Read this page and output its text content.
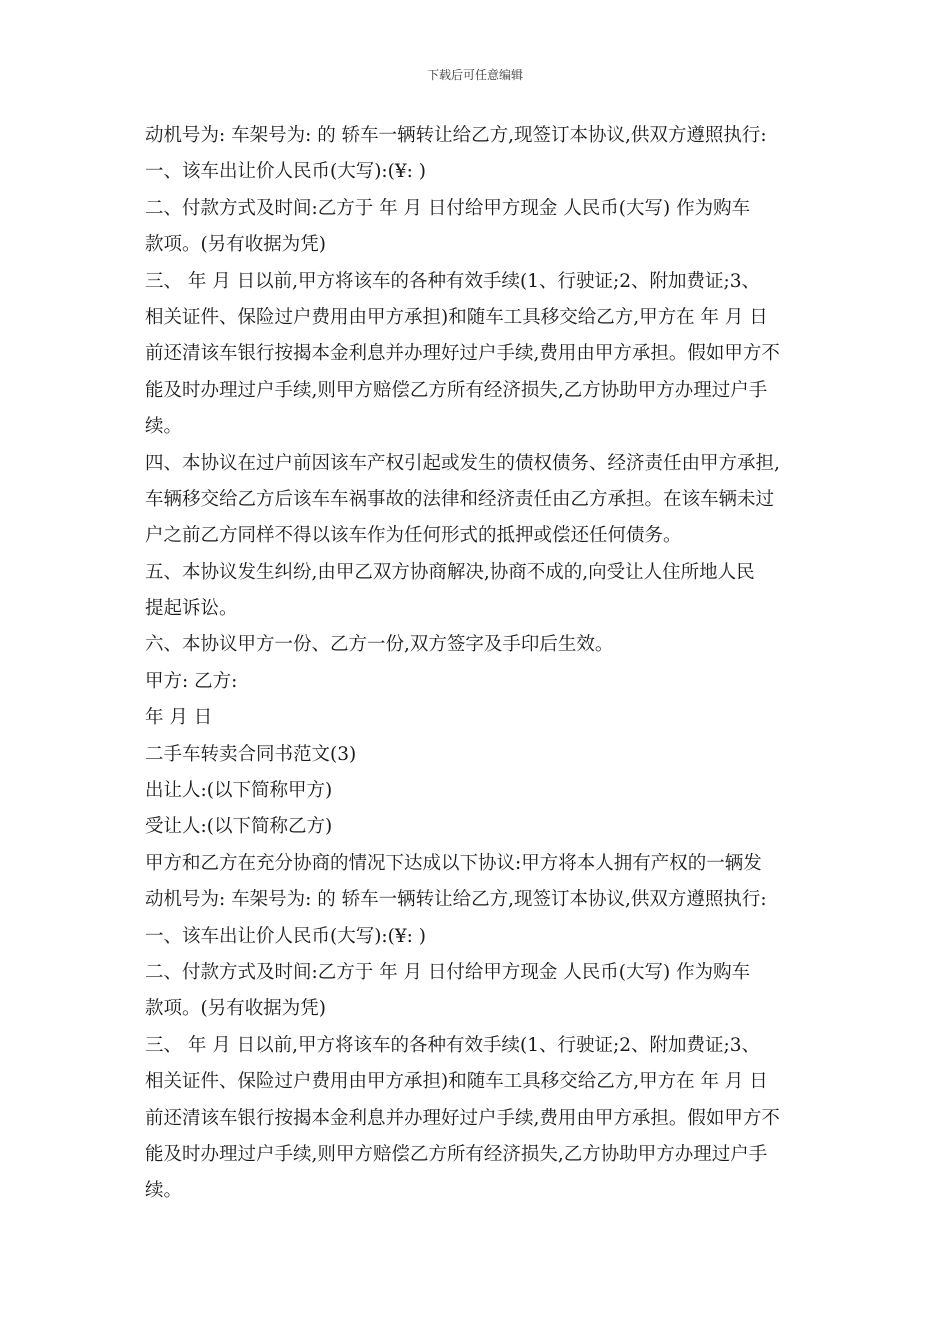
下载后可任意编辑
动机号为: 车架号为: 的 轿车一辆转让给乙方,现签订本协议,供双方遵照执行:
一、该车出让价人民币(大写):(¥: )
二、付款方式及时间:乙方于 年 月 日付给甲方现金 人民币(大写) 作为购车
款项。(另有收据为凭)
三、 年 月 日以前,甲方将该车的各种有效手续(1、行驶证;2、附加费证;3、
相关证件、保险过户费用由甲方承担)和随车工具移交给乙方,甲方在 年 月 日
前还清该车银行按揭本金利息并办理好过户手续,费用由甲方承担。假如甲方不
能及时办理过户手续,则甲方赔偿乙方所有经济损失,乙方协助甲方办理过户手
续。
四、本协议在过户前因该车产权引起或发生的债权债务、经济责任由甲方承担,
车辆移交给乙方后该车车祸事故的法律和经济责任由乙方承担。在该车辆未过
户之前乙方同样不得以该车作为任何形式的抵押或偿还任何债务。
五、本协议发生纠纷,由甲乙双方协商解决,协商不成的,向受让人住所地人民
提起诉讼。
六、本协议甲方一份、乙方一份,双方签字及手印后生效。
甲方: 乙方:
年 月 日
二手车转卖合同书范文(3)
出让人:(以下简称甲方)
受让人:(以下简称乙方)
甲方和乙方在充分协商的情况下达成以下协议:甲方将本人拥有产权的一辆发
动机号为: 车架号为: 的 轿车一辆转让给乙方,现签订本协议,供双方遵照执行:
一、该车出让价人民币(大写):(¥: )
二、付款方式及时间:乙方于 年 月 日付给甲方现金 人民币(大写) 作为购车
款项。(另有收据为凭)
三、 年 月 日以前,甲方将该车的各种有效手续(1、行驶证;2、附加费证;3、
相关证件、保险过户费用由甲方承担)和随车工具移交给乙方,甲方在 年 月 日
前还清该车银行按揭本金利息并办理好过户手续,费用由甲方承担。假如甲方不
能及时办理过户手续,则甲方赔偿乙方所有经济损失,乙方协助甲方办理过户手
续。
